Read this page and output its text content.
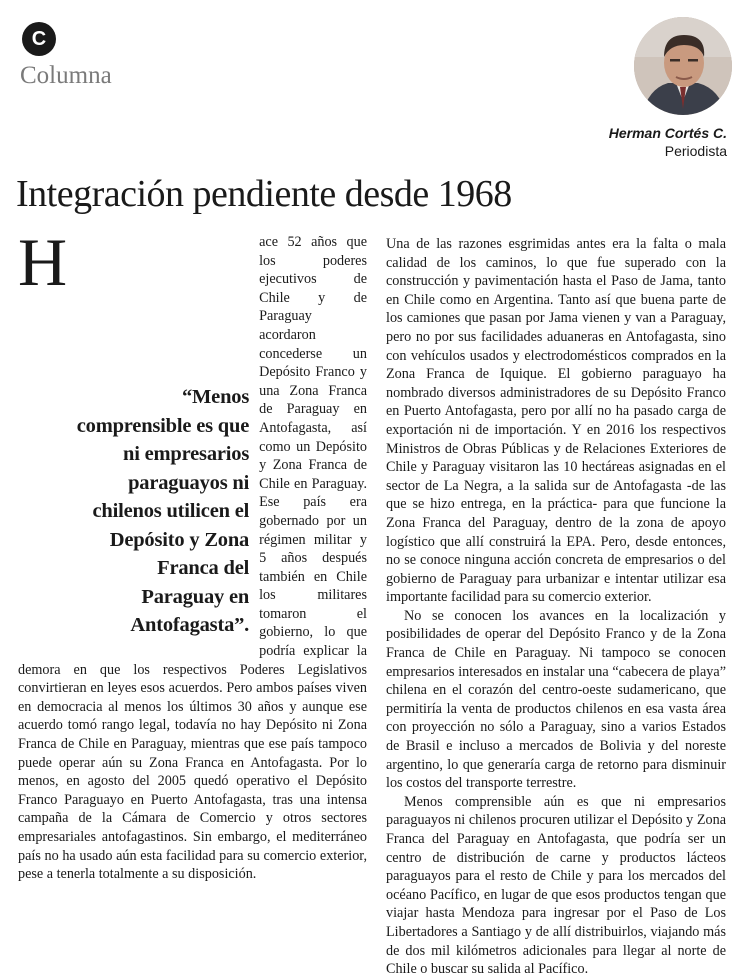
C
Columna
Herman Cortés C.
Periodista
Integración pendiente desde 1968

H
“Menos comprensible es que ni empresarios paraguayos ni chilenos utilicen el Depósito y Zona Franca del Paraguay en Antofagasta”.
ace 52 años que los poderes ejecutivos de Chile y de Paraguay acordaron concederse un Depósito Franco y una Zona Franca de Paraguay en Antofagasta, así como un Depósito y Zona Franca de Chile en Paraguay. Ese país era gobernado por un régimen militar y 5 años después también en Chile los militares tomaron el gobierno, lo que podría explicar la demora en que los respectivos Poderes Legislativos convirtieran en leyes esos acuerdos. Pero ambos países viven en democracia al menos los últimos 30 años y aunque ese acuerdo tomó rango legal, todavía no hay Depósito ni Zona Franca de Chile en Paraguay, mientras que ese país tampoco puede operar aún su Zona Franca en Antofagasta. Por lo menos, en agosto del 2005 quedó operativo el Depósito Franco Paraguayo en Puerto Antofagasta, tras una intensa campaña de la Cámara de Comercio y otros sectores empresariales antofagastinos. Sin embargo, el mediterráneo país no ha usado aún esta facilidad para su comercio exterior, pese a tenerla totalmente a su disposición.

Una de las razones esgrimidas antes era la falta o mala calidad de los caminos, lo que fue superado con la construcción y pavimentación hasta el Paso de Jama, tanto en Chile como en Argentina. Tanto así que buena parte de los camiones que pasan por Jama vienen y van a Paraguay, pero no por sus facilidades aduaneras en Antofagasta, sino con vehículos usados y electrodomésticos comprados en la Zona Franca de Iquique. El gobierno paraguayo ha nombrado diversos administradores de su Depósito Franco en Puerto Antofagasta, pero por allí no ha pasado carga de exportación ni de importación. Y en 2016 los respectivos Ministros de Obras Públicas y de Relaciones Exteriores de Chile y Paraguay visitaron las 10 hectáreas asignadas en el sector de La Negra, a la salida sur de Antofagasta -de las que se hizo entrega, en la práctica- para que funcione la Zona Franca del Paraguay, dentro de la zona de apoyo logístico que allí construirá la EPA. Pero, desde entonces, no se conoce ninguna acción concreta de empresarios o del gobierno de Paraguay para urbanizar e intentar utilizar esa importante facilidad para su comercio exterior.

No se conocen los avances en la localización y posibilidades de operar del Depósito Franco y de la Zona Franca de Chile en Paraguay. Ni tampoco se conocen empresarios interesados en instalar una “cabecera de playa” chilena en el corazón del centro-oeste sudamericano, que permitiría la venta de productos chilenos en esa vasta área con proyección no sólo a Paraguay, sino a varios Estados de Brasil e incluso a mercados de Bolivia y del noreste argentino, lo que generaría carga de retorno para disminuir los costos del transporte terrestre.

Menos comprensible aún es que ni empresarios paraguayos ni chilenos procuren utilizar el Depósito y Zona Franca del Paraguay en Antofagasta, que podría ser un centro de distribución de carne y productos lácteos paraguayos para el resto de Chile y para los mercados del océano Pacífico, en lugar de que esos productos tengan que viajar hasta Mendoza para ingresar por el Paso de Los Libertadores a Santiago y de allí distribuirlos, viajando más de dos mil kilómetros adicionales para llegar al norte de Chile o buscar su salida al Pacífico.
